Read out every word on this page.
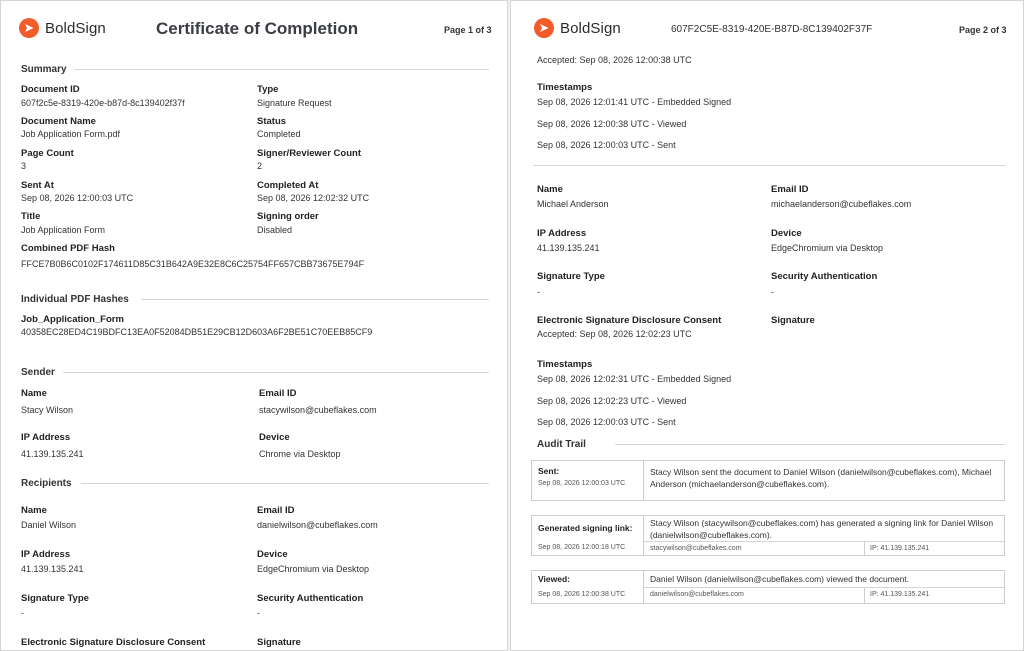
BoldSign	Certificate of Completion	Page 1 of 3
Summary
Document ID
607f2c5e-8319-420e-b87d-8c139402f37f
Type
Signature Request
Document Name
Job Application Form.pdf
Status
Completed
Page Count
3
Signer/Reviewer Count
2
Sent At
Sep 08, 2026 12:00:03 UTC
Completed At
Sep 08, 2026 12:02:32 UTC
Title
Job Application Form
Signing order
Disabled
Combined PDF Hash
FFCE7B0B6C0102F174611D85C31B642A9E32E8C6C25754FF657CBB73675E794F
Individual PDF Hashes
Job_Application_Form
40358EC28ED4C19BDFC13EA0F52084DB51E29CB12D603A6F2BE51C70EEB85CF9
Sender
Name
Stacy Wilson
Email ID
stacywilson@cubeflakes.com
IP Address
41.139.135.241
Device
Chrome via Desktop
Recipients
Name
Daniel Wilson
Email ID
danielwilson@cubeflakes.com
IP Address
41.139.135.241
Device
EdgeChromium via Desktop
Signature Type
-
Security Authentication
-
Electronic Signature Disclosure Consent	Signature
BoldSign	607F2C5E-8319-420E-B87D-8C139402F37F	Page 2 of 3
Accepted: Sep 08, 2026 12:00:38 UTC
Timestamps
Sep 08, 2026 12:01:41 UTC - Embedded Signed
Sep 08, 2026 12:00:38 UTC - Viewed
Sep 08, 2026 12:00:03 UTC - Sent
Name
Michael Anderson
Email ID
michaelanderson@cubeflakes.com
IP Address
41.139.135.241
Device
EdgeChromium via Desktop
Signature Type
-
Security Authentication
-
Electronic Signature Disclosure Consent
Accepted: Sep 08, 2026 12:02:23 UTC
Signature
Timestamps
Sep 08, 2026 12:02:31 UTC - Embedded Signed
Sep 08, 2026 12:02:23 UTC - Viewed
Sep 08, 2026 12:00:03 UTC - Sent
Audit Trail
Sent:
Sep 08, 2026 12:00:03 UTC
Stacy Wilson sent the document to Daniel Wilson (danielwilson@cubeflakes.com), Michael Anderson (michaelanderson@cubeflakes.com).
Generated signing link:
Sep 08, 2026 12:00:18 UTC
Stacy Wilson (stacywilson@cubeflakes.com) has generated a signing link for Daniel Wilson (danielwilson@cubeflakes.com).
stacywilson@cubeflakes.com	IP: 41.139.135.241
Viewed:
Sep 08, 2026 12:00:38 UTC
Daniel Wilson (danielwilson@cubeflakes.com) viewed the document.
danielwilson@cubeflakes.com	IP: 41.139.135.241
